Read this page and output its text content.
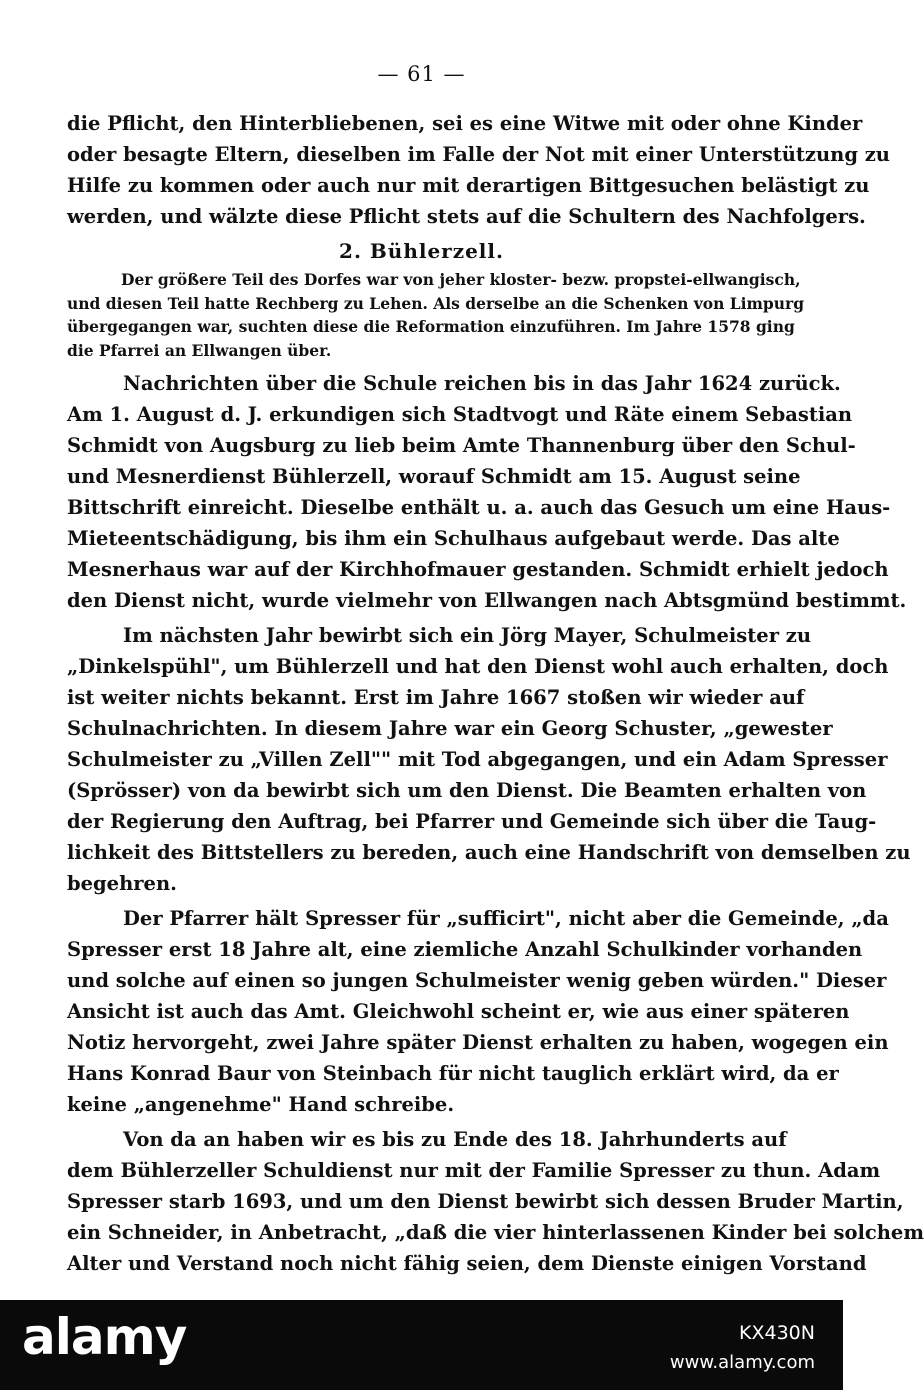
— 61 —
die Pflicht, den Hinterbliebenen, sei es eine Witwe mit oder ohne Kinder
oder besagte Eltern, dieselben im Falle der Not mit einer Unterstützung zu
Hilfe zu kommen oder auch nur mit derartigen Bittgesuchen belästigt zu
werden, und wälzte diese Pflicht stets auf die Schultern des Nachfolgers.
2. Bühlerzell.
Der größere Teil des Dorfes war von jeher kloster- bezw. propstei-ellwangisch,
und diesen Teil hatte Rechberg zu Lehen. Als derselbe an die Schenken von Limpurg
übergegangen war, suchten diese die Reformation einzuführen. Im Jahre 1578 ging
die Pfarrei an Ellwangen über.
Nachrichten über die Schule reichen bis in das Jahr 1624 zurück.
Am 1. August d. J. erkundigen sich Stadtvogt und Räte einem Sebastian
Schmidt von Augsburg zu lieb beim Amte Thannenburg über den Schul-
und Mesnerdienst Bühlerzell, worauf Schmidt am 15. August seine
Bittschrift einreicht. Dieselbe enthält u. a. auch das Gesuch um eine Haus-
Mieteentschädigung, bis ihm ein Schulhaus aufgebaut werde. Das alte
Mesnerhaus war auf der Kirchhofmauer gestanden. Schmidt erhielt jedoch
den Dienst nicht, wurde vielmehr von Ellwangen nach Abtsgmünd bestimmt.
Im nächsten Jahr bewirbt sich ein Jörg Mayer, Schulmeister zu
„Dinkelspühl", um Bühlerzell und hat den Dienst wohl auch erhalten, doch
ist weiter nichts bekannt. Erst im Jahre 1667 stoßen wir wieder auf
Schulnachrichten. In diesem Jahre war ein Georg Schuster, „gewester
Schulmeister zu „Villen Zell"" mit Tod abgegangen, und ein Adam Spresser
(Sprösser) von da bewirbt sich um den Dienst. Die Beamten erhalten von
der Regierung den Auftrag, bei Pfarrer und Gemeinde sich über die Taug-
lichkeit des Bittstellers zu bereden, auch eine Handschrift von demselben zu
begehren.
Der Pfarrer hält Spresser für „sufficirt", nicht aber die Gemeinde, „da
Spresser erst 18 Jahre alt, eine ziemliche Anzahl Schulkinder vorhanden
und solche auf einen so jungen Schulmeister wenig geben würden." Dieser
Ansicht ist auch das Amt. Gleichwohl scheint er, wie aus einer späteren
Notiz hervorgeht, zwei Jahre später Dienst erhalten zu haben, wogegen ein
Hans Konrad Baur von Steinbach für nicht tauglich erklärt wird, da er
keine „angenehme" Hand schreibe.
Von da an haben wir es bis zu Ende des 18. Jahrhunderts auf
dem Bühlerzeller Schuldienst nur mit der Familie Spresser zu thun. Adam
Spresser starb 1693, und um den Dienst bewirbt sich dessen Bruder Martin,
ein Schneider, in Anbetracht, „daß die vier hinterlassenen Kinder bei solchem
Alter und Verstand noch nicht fähig seien, dem Dienste einigen Vorstand
alamy	KX430N
www.alamy.com
